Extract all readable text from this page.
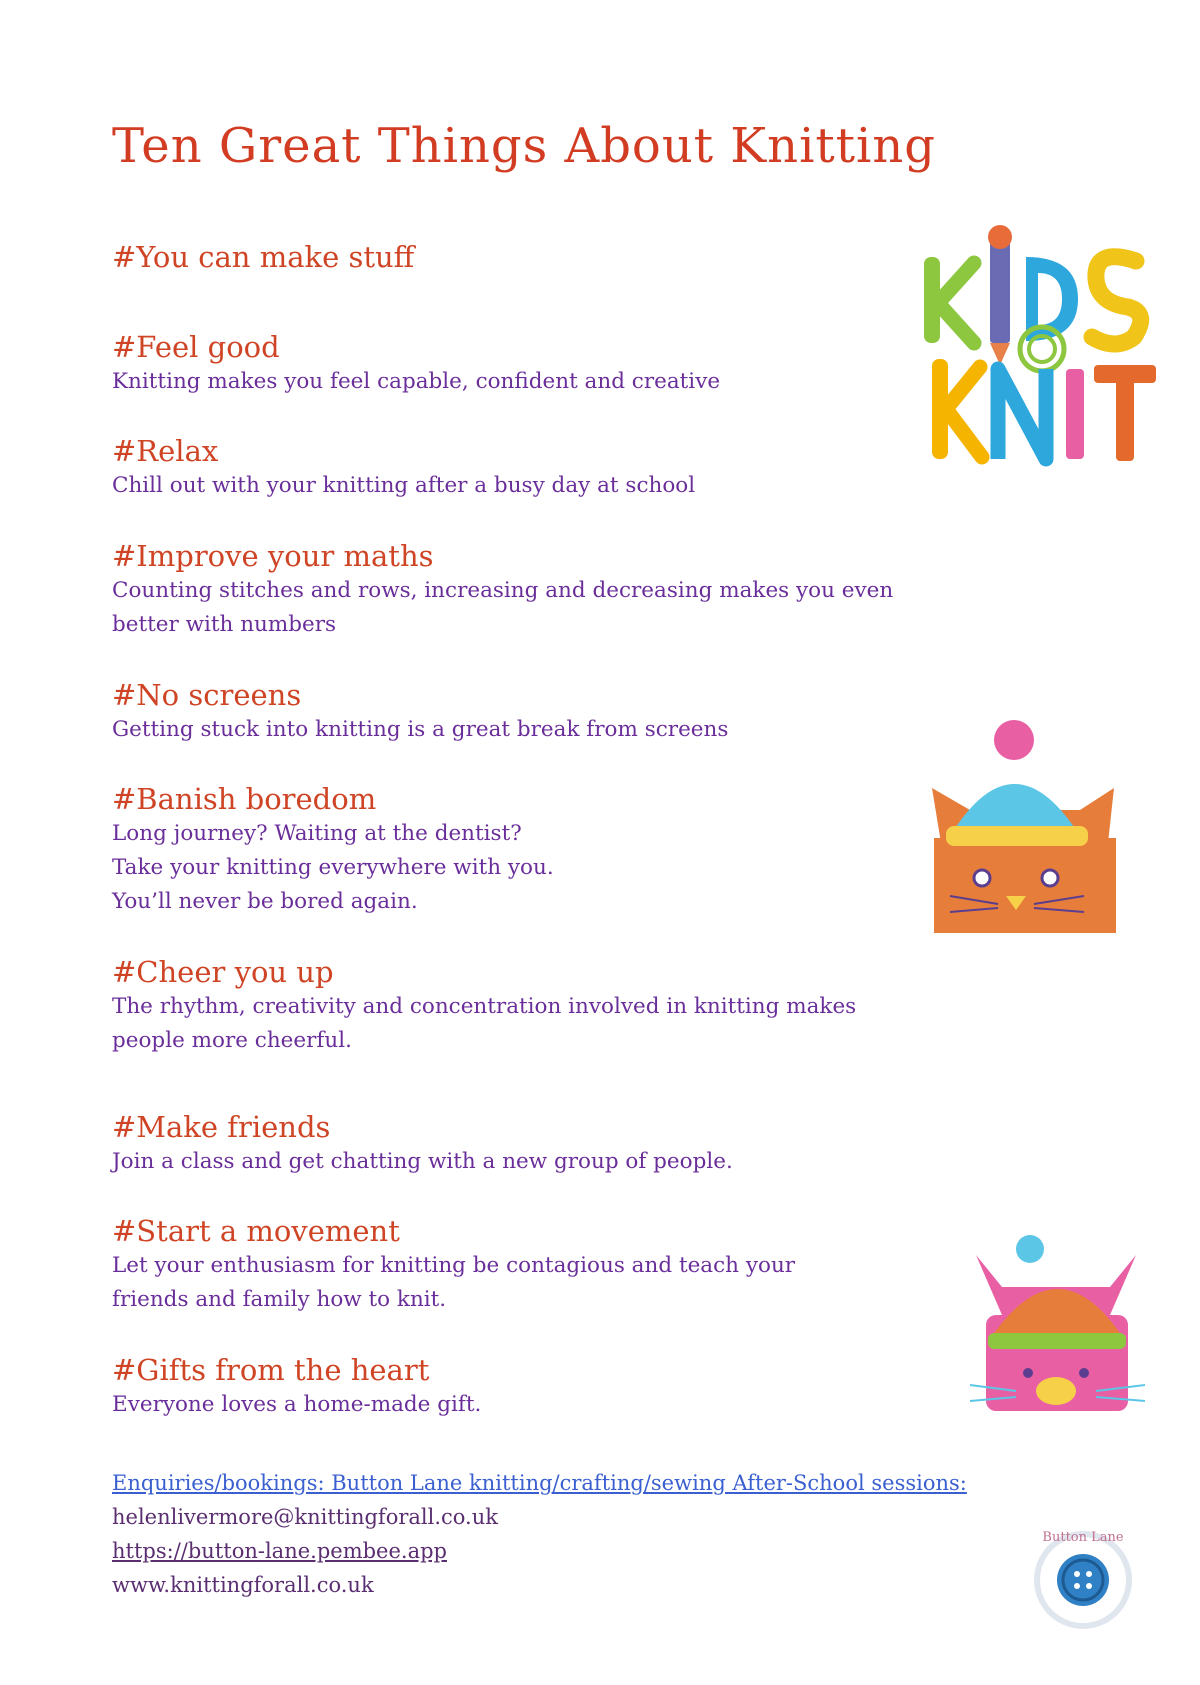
Ten Great Things About Knitting
#You can make stuff
#Feel good
Knitting makes you feel capable, confident and creative
#Relax
Chill out with your knitting after a busy day at school
#Improve your maths
Counting stitches and rows, increasing and decreasing makes you even
better with numbers
#No screens
Getting stuck into knitting is a great break from screens
#Banish boredom
Long journey? Waiting at the dentist?
Take your knitting everywhere with you.
You’ll never be bored again.
#Cheer you up
The rhythm, creativity and concentration involved in knitting makes
people more cheerful.
#Make friends
Join a class and get chatting with a new group of people.
#Start a movement
Let your enthusiasm for knitting be contagious and teach your
friends and family how to knit.
#Gifts from the heart
Everyone loves a home-made gift.
Enquiries/bookings: Button Lane knitting/crafting/sewing After-School sessions:
helenlivermore@knittingforall.co.uk
https://button-lane.pembee.app
www.knittingforall.co.uk
Button Lane
